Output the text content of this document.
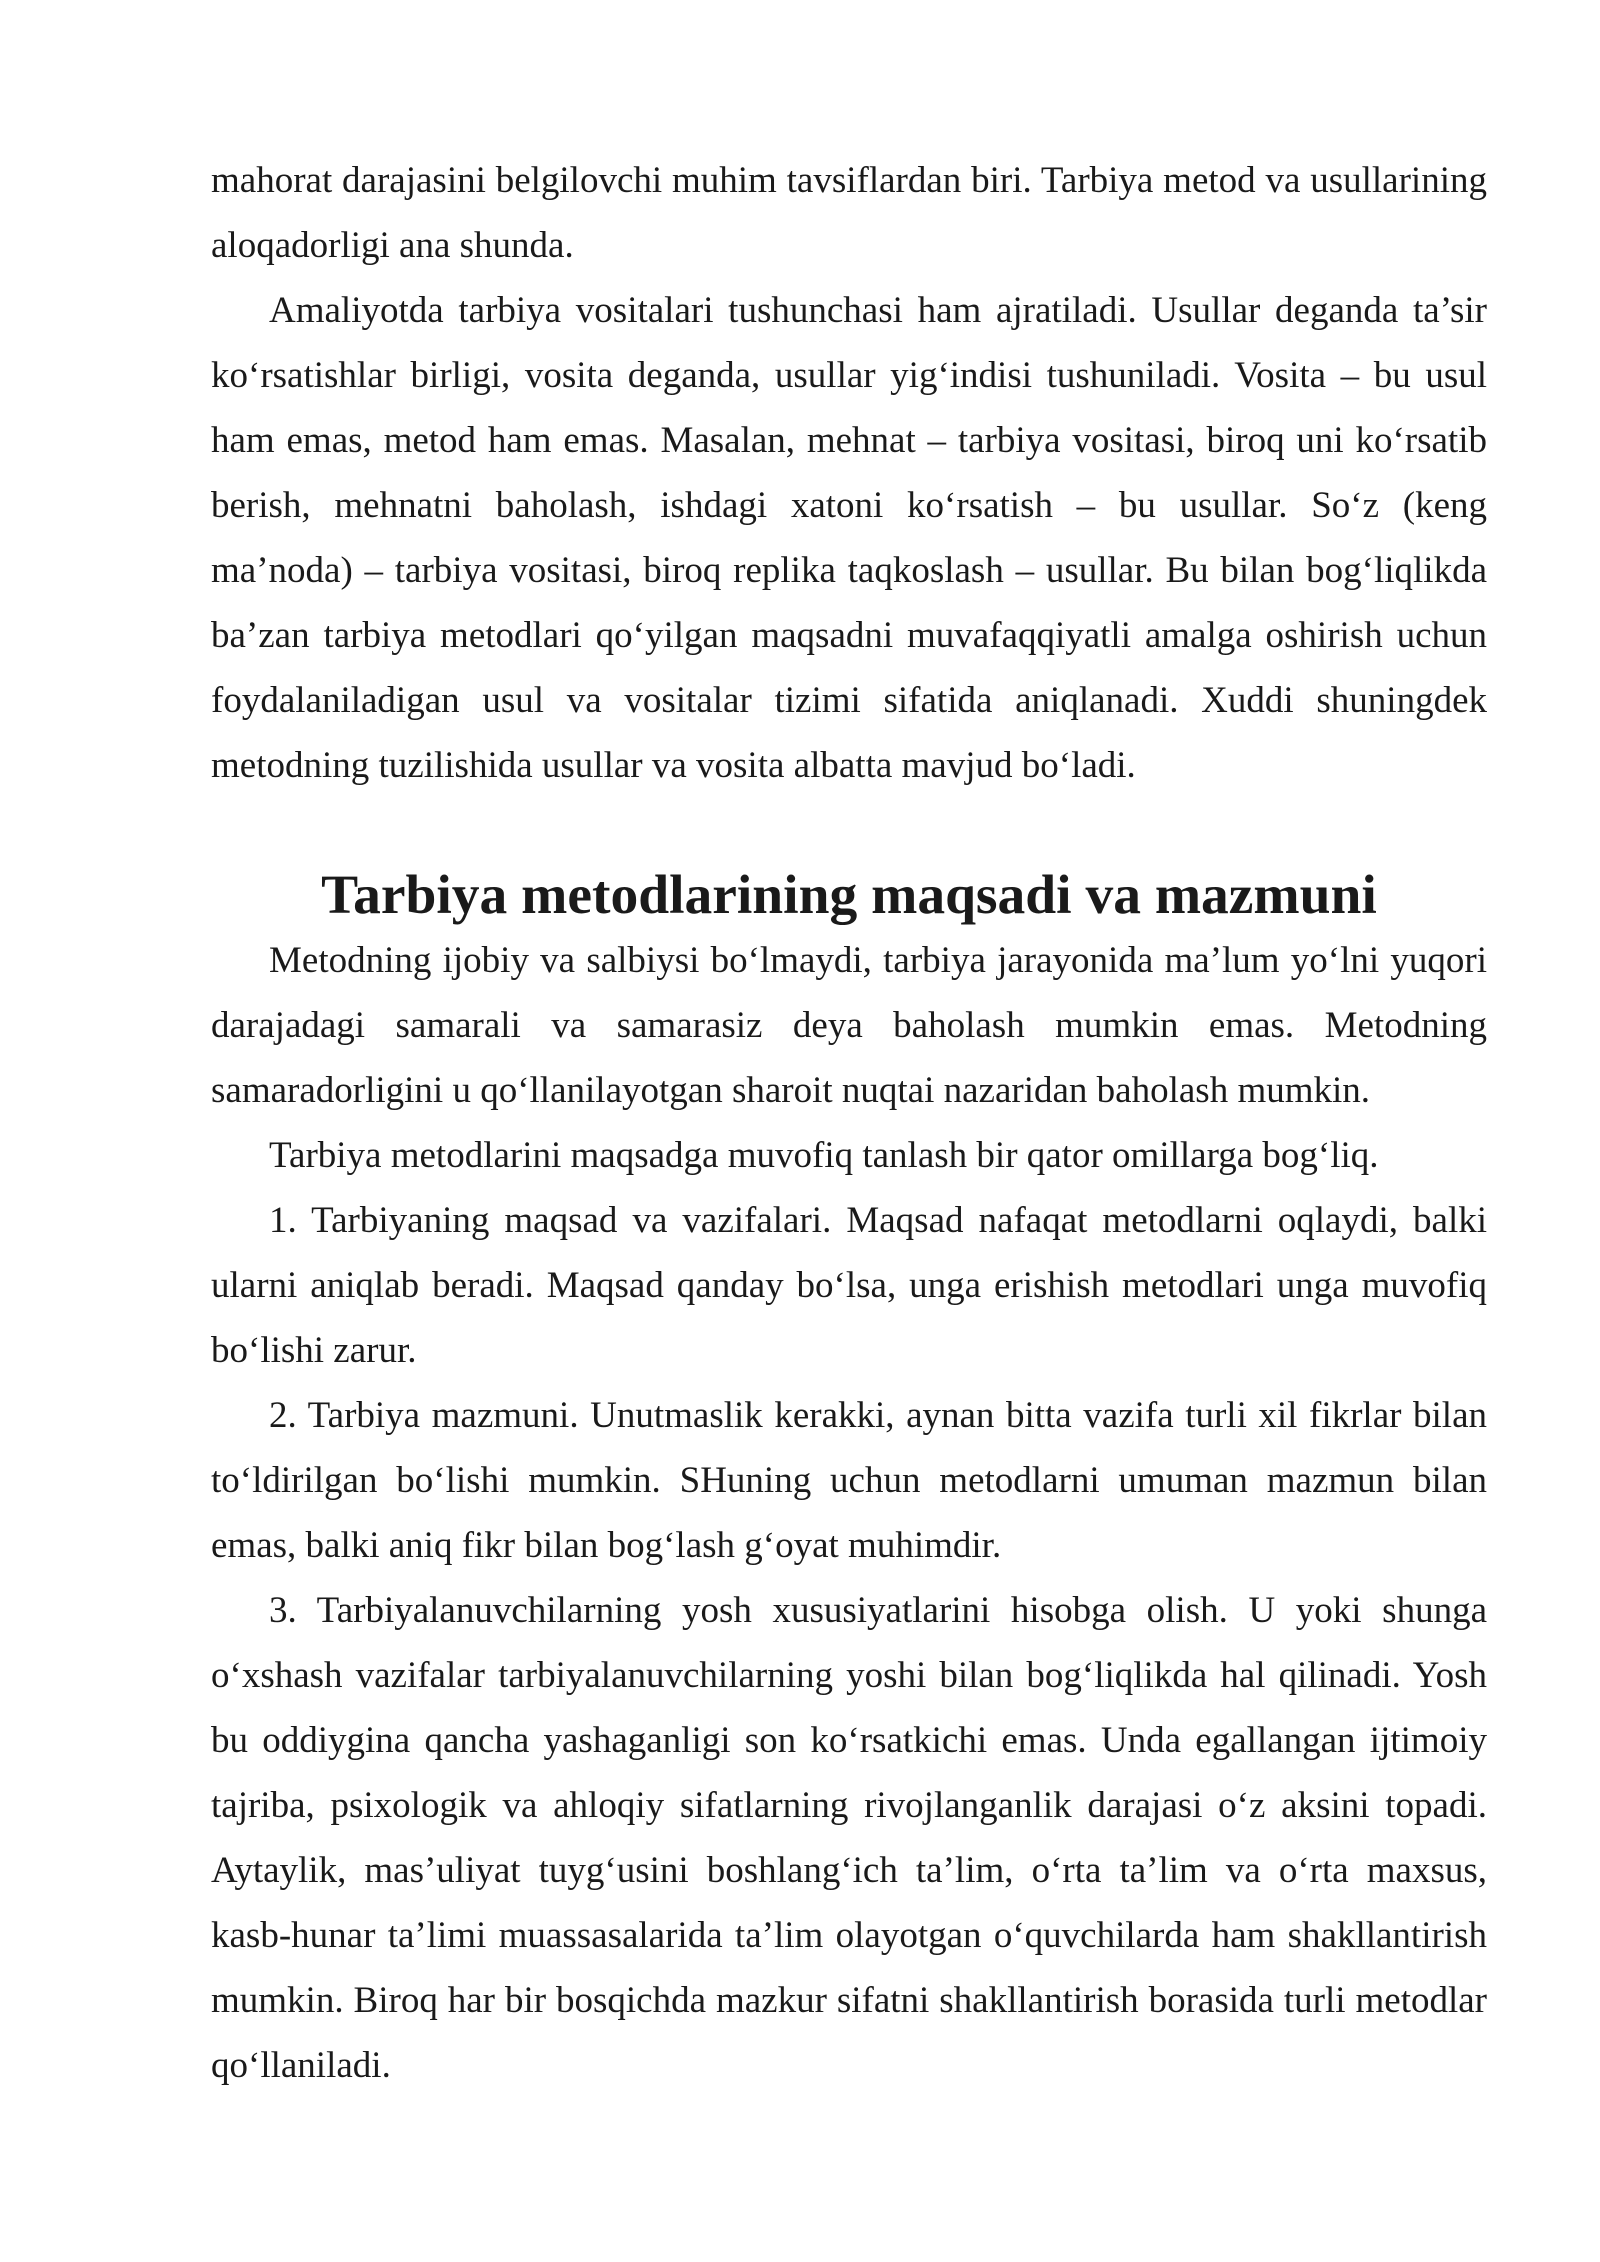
mahorat darajasini belgilovchi muhim tavsiflardan biri. Tarbiya metod va usullarining aloqadorligi ana shunda.

Amaliyotda tarbiya vositalari tushunchasi ham ajratiladi. Usullar deganda ta’sir ko‘rsatishlar birligi, vosita deganda, usullar yig‘indisi tushuniladi. Vosita – bu usul ham emas, metod ham emas. Masalan, mehnat – tarbiya vositasi, biroq uni ko‘rsatib berish, mehnatni baholash, ishdagi xatoni ko‘rsatish – bu usullar. So‘z (keng ma’noda) – tarbiya vositasi, biroq replika taqkoslash – usullar. Bu bilan bog‘liqlikda ba’zan tarbiya metodlari qo‘yilgan maqsadni muvafaqqiyatli amalga oshirish uchun foydalaniladigan usul va vositalar tizimi sifatida aniqlanadi. Xuddi shuningdek metodning tuzilishida usullar va vosita albatta mavjud bo‘ladi.

Tarbiya metodlarining maqsadi va mazmuni

Metodning ijobiy va salbiysi bo‘lmaydi, tarbiya jarayonida ma’lum yo‘lni yuqori darajadagi samarali va samarasiz deya baholash mumkin emas. Metodning samaradorligini u qo‘llanilayotgan sharoit nuqtai nazaridan baholash mumkin.

Tarbiya metodlarini maqsadga muvofiq tanlash bir qator omillarga bog‘liq.

1. Tarbiyaning maqsad va vazifalari. Maqsad nafaqat metodlarni oqlaydi, balki ularni aniqlab beradi. Maqsad qanday bo‘lsa, unga erishish metodlari unga muvofiq bo‘lishi zarur.

2. Tarbiya mazmuni. Unutmaslik kerakki, aynan bitta vazifa turli xil fikrlar bilan to‘ldirilgan bo‘lishi mumkin. SHuning uchun metodlarni umuman mazmun bilan emas, balki aniq fikr bilan bog‘lash g‘oyat muhimdir.

3. Tarbiyalanuvchilarning yosh xususiyatlarini hisobga olish. U yoki shunga o‘xshash vazifalar tarbiyalanuvchilarning yoshi bilan bog‘liqlikda hal qilinadi. Yosh bu oddiygina qancha yashaganligi son ko‘rsatkichi emas. Unda egallangan ijtimoiy tajriba, psixologik va ahloqiy sifatlarning rivojlanganlik darajasi o‘z aksini topadi. Aytaylik, mas’uliyat tuyg‘usini boshlang‘ich ta’lim, o‘rta ta’lim va o‘rta maxsus, kasb-hunar ta’limi muassasalarida ta’lim olayotgan o‘quvchilarda ham shakllantirish mumkin. Biroq har bir bosqichda mazkur sifatni shakllantirish borasida turli metodlar qo‘llaniladi.
